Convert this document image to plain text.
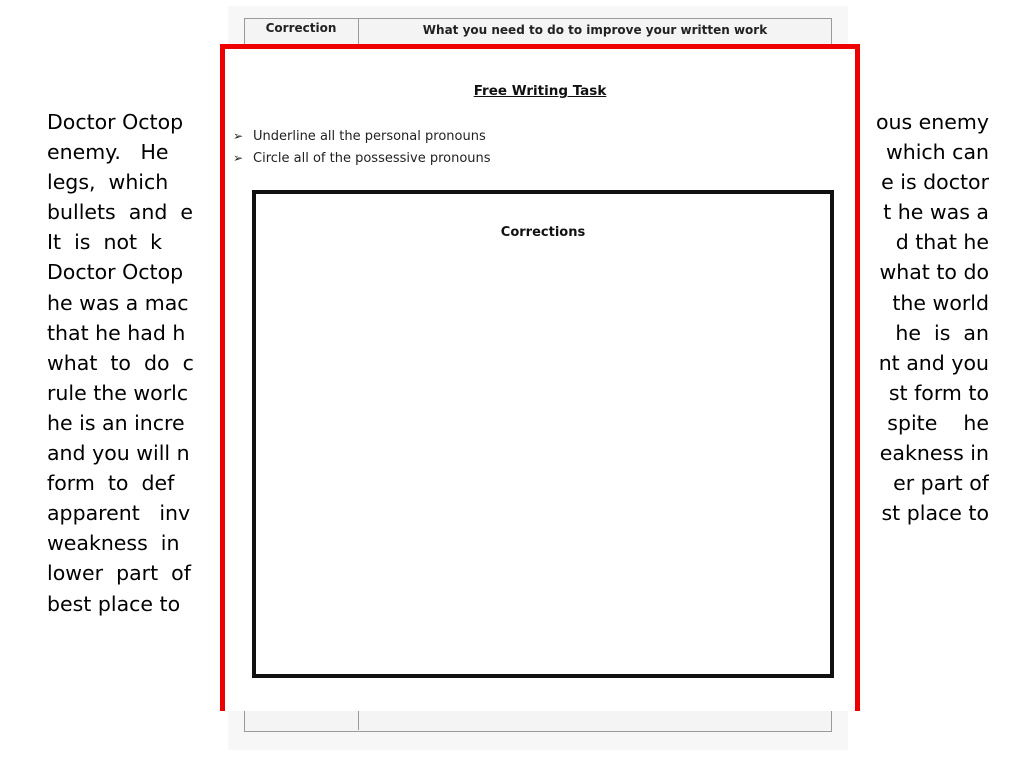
Doctor Octop
enemy.   He
legs,  which
bullets  and  e
It  is  not  k
Doctor Octop
he was a mac
that he had h
what  to  do  c
rule the worlc
he is an incre
and you will n
form  to  def
apparent   inv
weakness  in
lower  part  of
best place to
ous enemy
which can
e is doctor
t he was a
d that he
what to do
the world
he  is  an
nt and you
st form to
spite    he
eakness in
er part of
st place to
Correction	What you need to do to improve your written work
Free Writing Task
➢ Underline all the personal pronouns
➢ Circle all of the possessive pronouns
Corrections
